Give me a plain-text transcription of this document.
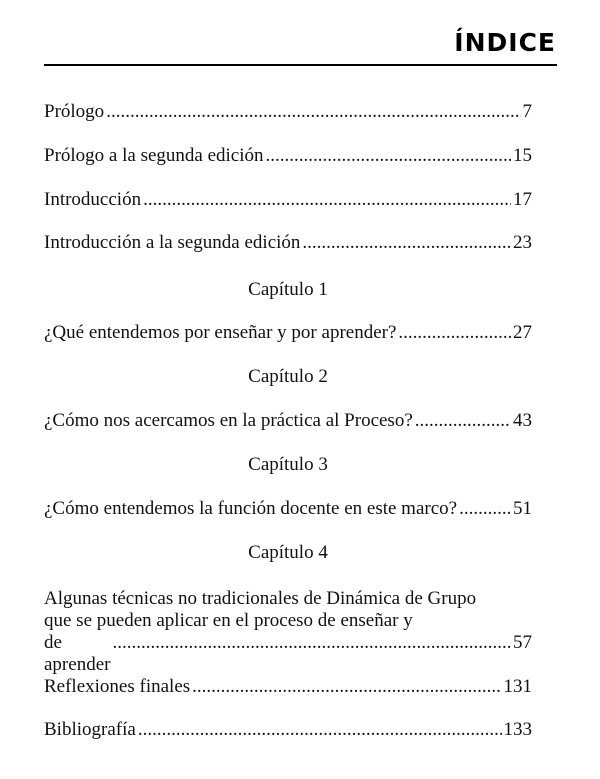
ÍNDICE
Prólogo .....	7
Prólogo a la segunda edición .....	15
Introducción .....	17
Introducción a la segunda edición .....	23
Capítulo 1
¿Qué entendemos por enseñar y por aprender? .....	27
Capítulo 2
¿Cómo nos acercamos en la práctica al Proceso? .....	43
Capítulo 3
¿Cómo entendemos la función docente en este marco? .....	51
Capítulo 4
Algunas técnicas no tradicionales de Dinámica de Grupo
que se pueden aplicar en el proceso de enseñar y
de aprender
.....
57
Reflexiones finales .....	131
Bibliografía .....	133
